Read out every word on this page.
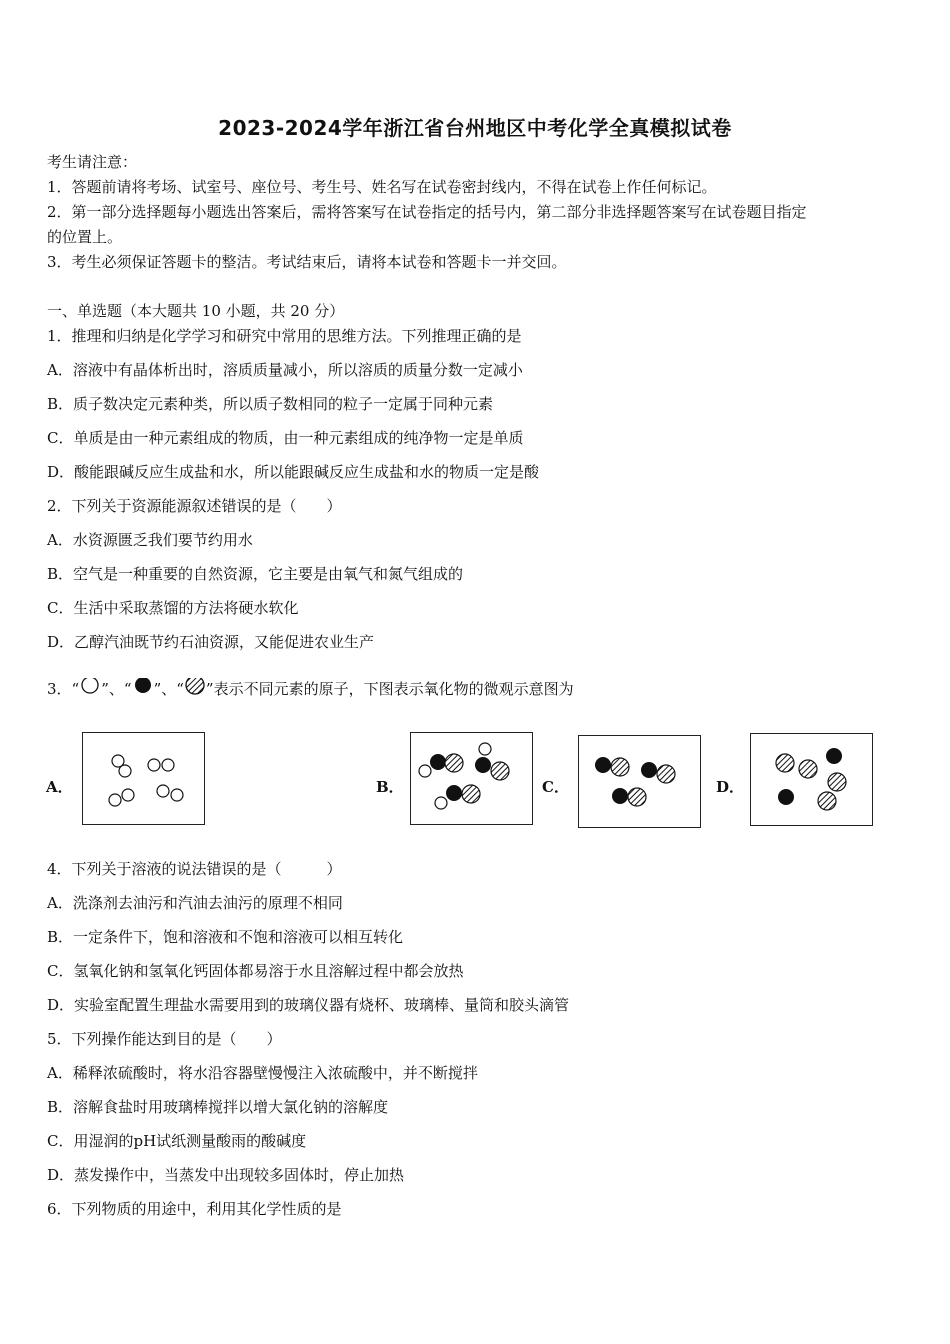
2023-2024学年浙江省台州地区中考化学全真模拟试卷
考生请注意：
1．答题前请将考场、试室号、座位号、考生号、姓名写在试卷密封线内，不得在试卷上作任何标记。
2．第一部分选择题每小题选出答案后，需将答案写在试卷指定的括号内，第二部分非选择题答案写在试卷题目指定
的位置上。
3．考生必须保证答题卡的整洁。考试结束后，请将本试卷和答题卡一并交回。
一、单选题（本大题共 10 小题，共 20 分）
1．推理和归纳是化学学习和研究中常用的思维方法。下列推理正确的是
A．溶液中有晶体析出时，溶质质量减小，所以溶质的质量分数一定减小
B．质子数决定元素种类，所以质子数相同的粒子一定属于同种元素
C．单质是由一种元素组成的物质，由一种元素组成的纯净物一定是单质
D．酸能跟碱反应生成盐和水，所以能跟碱反应生成盐和水的物质一定是酸
2．下列关于资源能源叙述错误的是（　　）
A．水资源匮乏我们要节约用水
B．空气是一种重要的自然资源，它主要是由氧气和氮气组成的
C．生活中采取蒸馏的方法将硬水软化
D．乙醇汽油既节约石油资源，又能促进农业生产
3．“ ”、“ ”、“ ”表示不同元素的原子，下图表示氧化物的微观示意图为
A．	B．	C．	D．
4．下列关于溶液的说法错误的是（　　　）
A．洗涤剂去油污和汽油去油污的原理不相同
B．一定条件下，饱和溶液和不饱和溶液可以相互转化
C．氢氧化钠和氢氧化钙固体都易溶于水且溶解过程中都会放热
D．实验室配置生理盐水需要用到的玻璃仪器有烧杯、玻璃棒、量筒和胶头滴管
5．下列操作能达到目的是（　　）
A．稀释浓硫酸时，将水沿容器壁慢慢注入浓硫酸中，并不断搅拌
B．溶解食盐时用玻璃棒搅拌以增大氯化钠的溶解度
C．用湿润的pH试纸测量酸雨的酸碱度
D．蒸发操作中，当蒸发中出现较多固体时，停止加热
6．下列物质的用途中，利用其化学性质的是
